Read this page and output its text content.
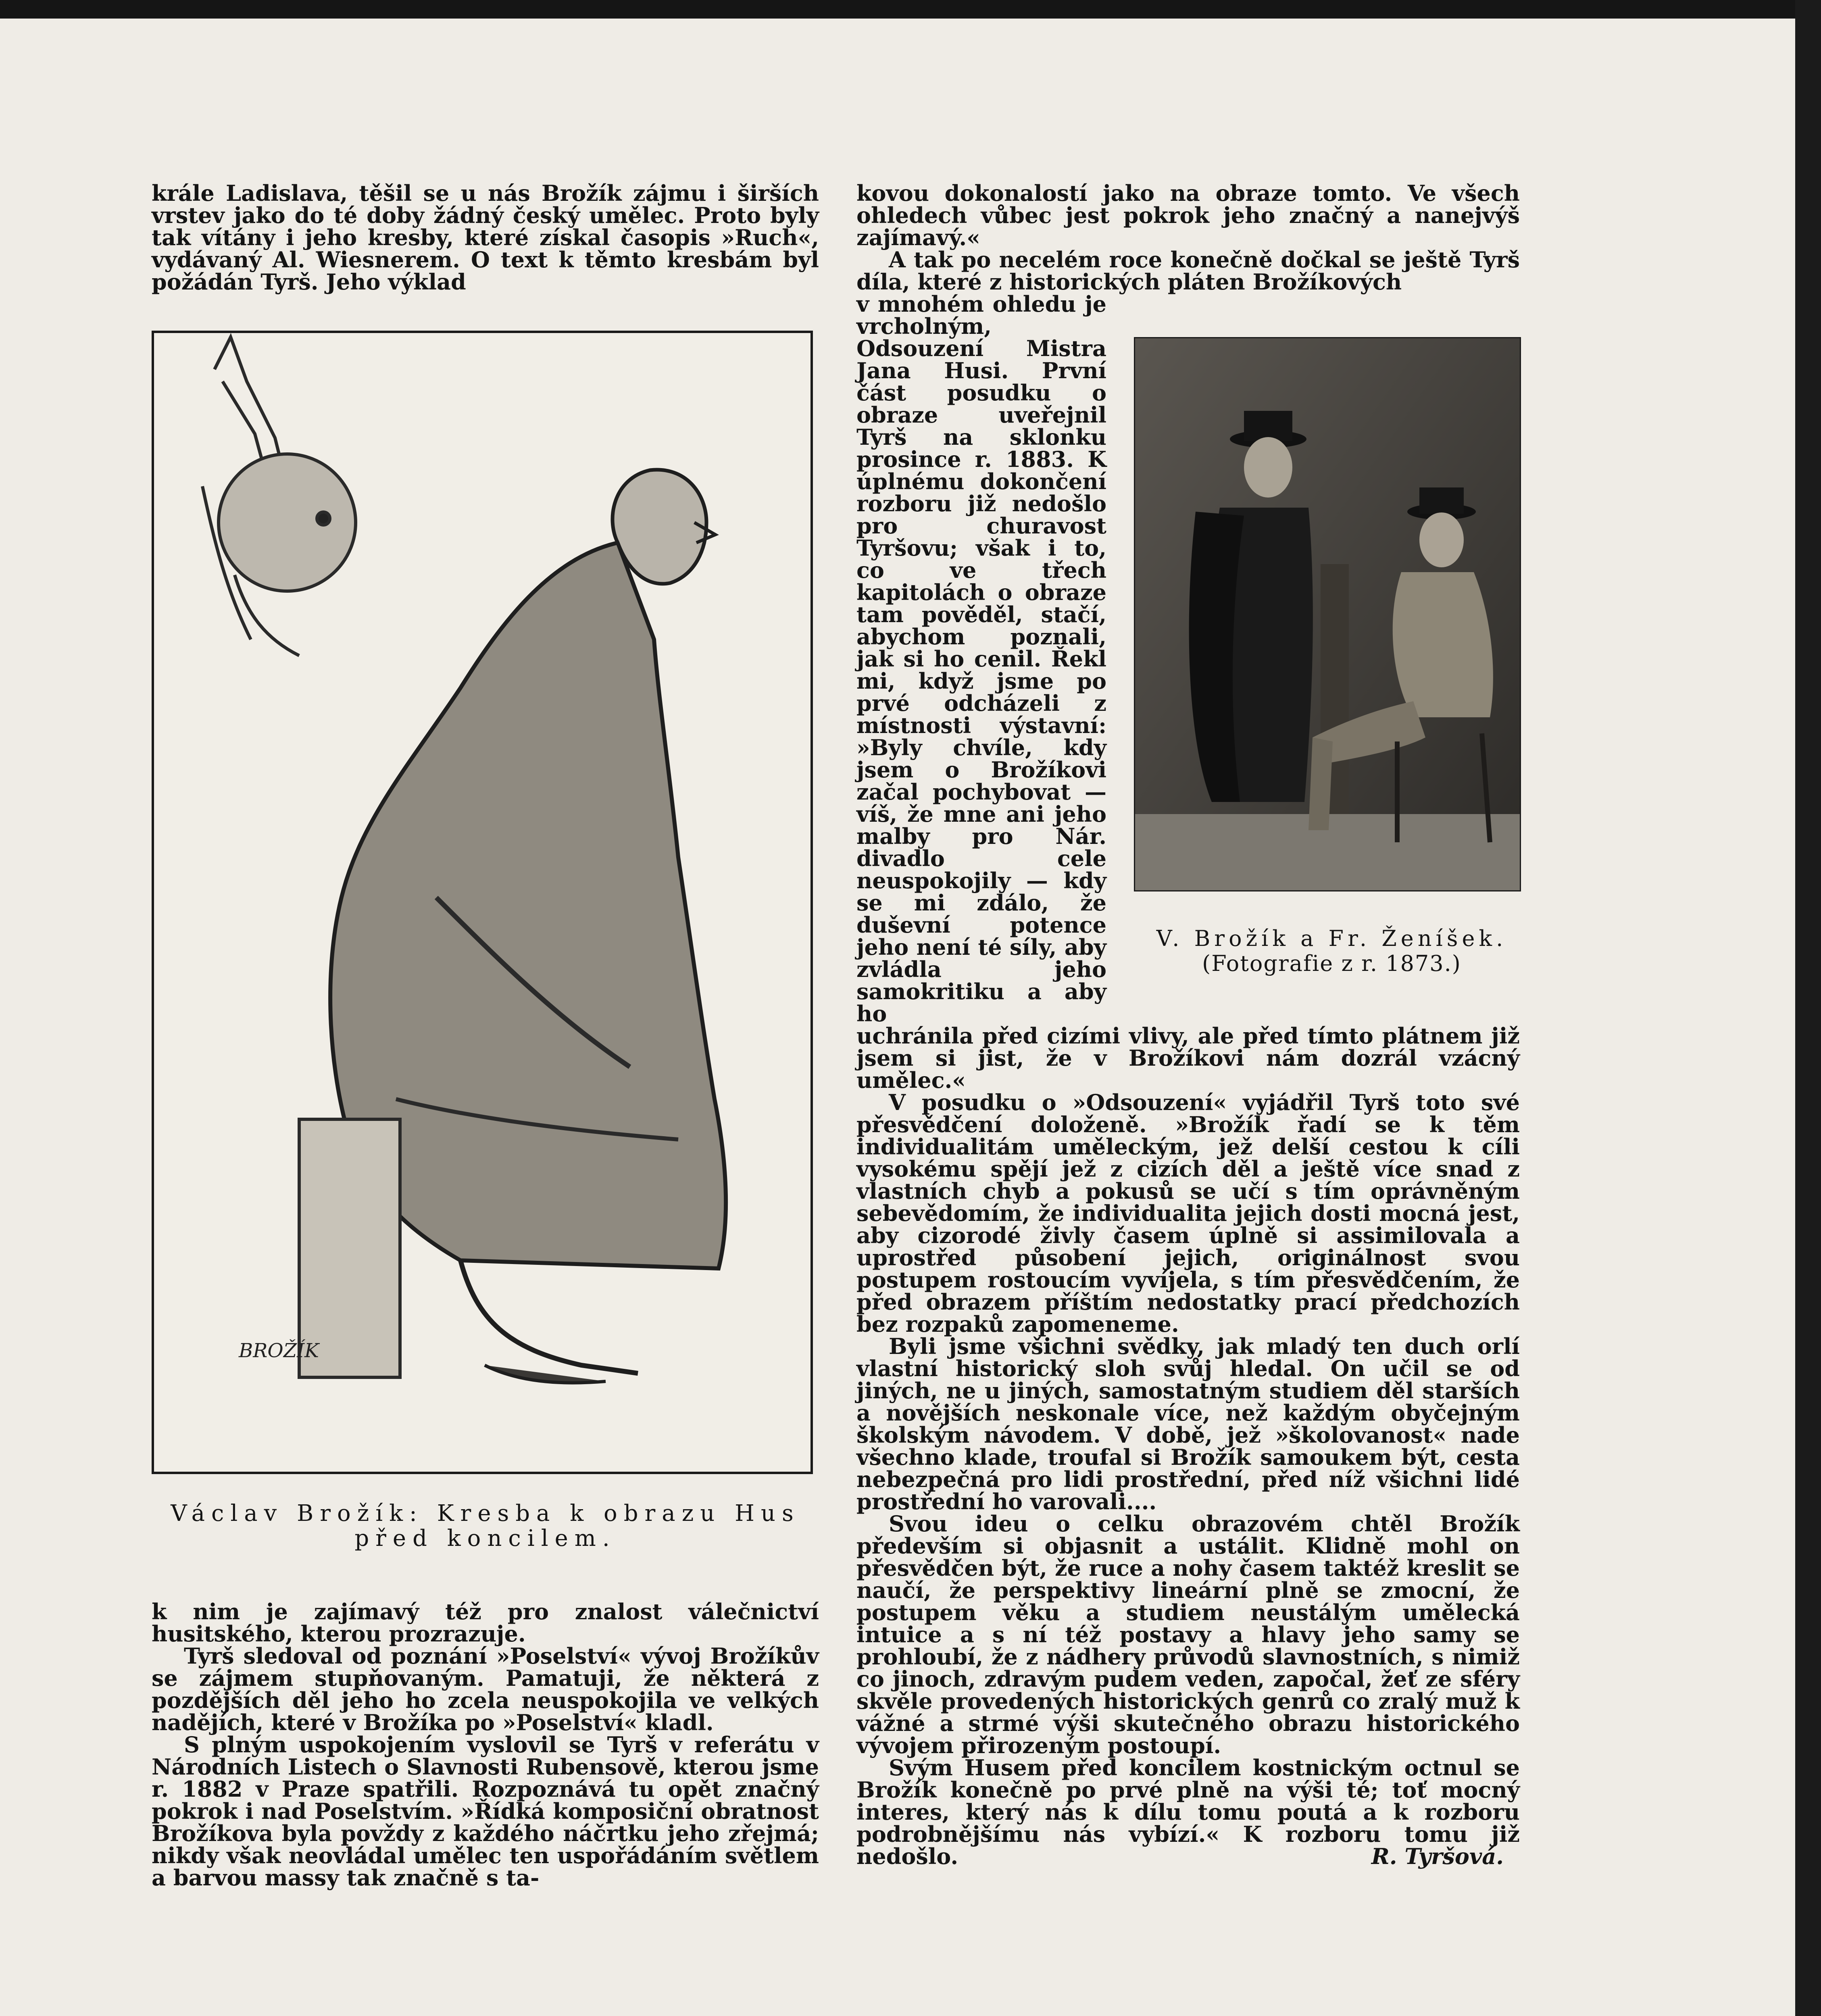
krále Ladislava, těšil se u nás Brožík zájmu i širších vrstev jako do té doby žádný český umělec. Proto byly tak vítány i jeho kresby, které získal časopis »Ruch«, vydávaný Al. Wiesnerem. O text k těmto kresbám byl požádán Tyrš. Jeho výklad

BROŽÍK
Václav Brožík: Kresba k obrazu Hus před koncilem.

k nim je zajímavý též pro znalost válečnictví husitského, kterou prozrazuje.

Tyrš sledoval od poznání »Poselství« vývoj Brožíkův se zájmem stupňovaným. Pamatuji, že některá z pozdějších děl jeho ho zcela neuspokojila ve velkých nadějích, které v Brožíka po »Poselství« kladl.

S plným uspokojením vyslovil se Tyrš v referátu v Národních Listech o Slavnosti Rubensově, kterou jsme r. 1882 v Praze spatřili. Rozpoznává tu opět značný pokrok i nad Poselstvím. »Řídká komposiční obratnost Brožíkova byla povždy z každého náčrtku jeho zřejmá; nikdy však neovládal umělec ten uspořádáním světlem a barvou massy tak značně s ta-

kovou dokonalostí jako na obraze tomto. Ve všech ohledech vůbec jest pokrok jeho značný a nanejvýš zajímavý.«

A tak po necelém roce konečně dočkal se ještě Tyrš díla, které z historických pláten Brožíkových

v mnohém ohledu je vrcholným, Odsouzení Mistra Jana Husi. První část posudku o obraze uveřejnil Tyrš na sklonku prosince r. 1883. K úplnému dokončení rozboru již nedošlo pro churavost Tyršovu; však i to, co ve třech kapitolách o obraze tam pověděl, stačí, abychom poznali, jak si ho cenil. Řekl mi, když jsme po prvé odcházeli z místnosti výstavní: »Byly chvíle, kdy jsem o Brožíkovi začal pochybovat — víš, že mne ani jeho malby pro Nár. divadlo cele neuspokojily — kdy se mi zdálo, že duševní potence jeho není té síly, aby zvládla jeho samokritiku a aby ho

uchránila před cizími vlivy, ale před tímto plátnem již jsem si jist, že v Brožíkovi nám dozrál vzácný umělec.«

V posudku o »Odsouzení« vyjádřil Tyrš toto své přesvědčení doloženě. »Brožík řadí se k těm individualitám uměleckým, jež delší cestou k cíli vysokému spějí jež z cizích děl a ještě více snad z vlastních chyb a pokusů se učí s tím oprávněným sebevědomím, že individualita jejich dosti mocná jest, aby cizorodé živly časem úplně si assimilovala a uprostřed působení jejich, originálnost svou postupem rostoucím vyvíjela, s tím přesvědčením, že před obrazem příštím nedostatky prací předchozích bez rozpaků zapomeneme.

Byli jsme všichni svědky, jak mladý ten duch orlí vlastní historický sloh svůj hledal. On učil se od jiných, ne u jiných, samostatným studiem děl starších a novějších neskonale více, než každým obyčejným školským návodem. V době, jež »školovanost« nade všechno klade, troufal si Brožík samoukem být, cesta nebezpečná pro lidi prostřední, před níž všichni lidé prostřední ho varovali....

Svou ideu o celku obrazovém chtěl Brožík především si objasnit a ustálit. Klidně mohl on přesvědčen být, že ruce a nohy časem taktéž kreslit se naučí, že perspektivy lineární plně se zmocní, že postupem věku a studiem neustálým umělecká intuice a s ní též postavy a hlavy jeho samy se prohloubí, že z nádhery průvodů slavnostních, s nimiž co jinoch, zdravým pudem veden, započal, žeť ze sféry skvěle provedených historických genrů co zralý muž k vážné a strmé výši skutečného obrazu historického vývojem přirozeným postoupí.

Svým Husem před koncilem kostnickým octnul se Brožík konečně po prvé plně na výši té; toť mocný interes, který nás k dílu tomu poutá a k rozboru podrobnějšímu nás vybízí.« K rozboru tomu již nedošlo.	R. Tyršová.

V. Brožík a Fr. Ženíšek.
(Fotografie z r. 1873.)
